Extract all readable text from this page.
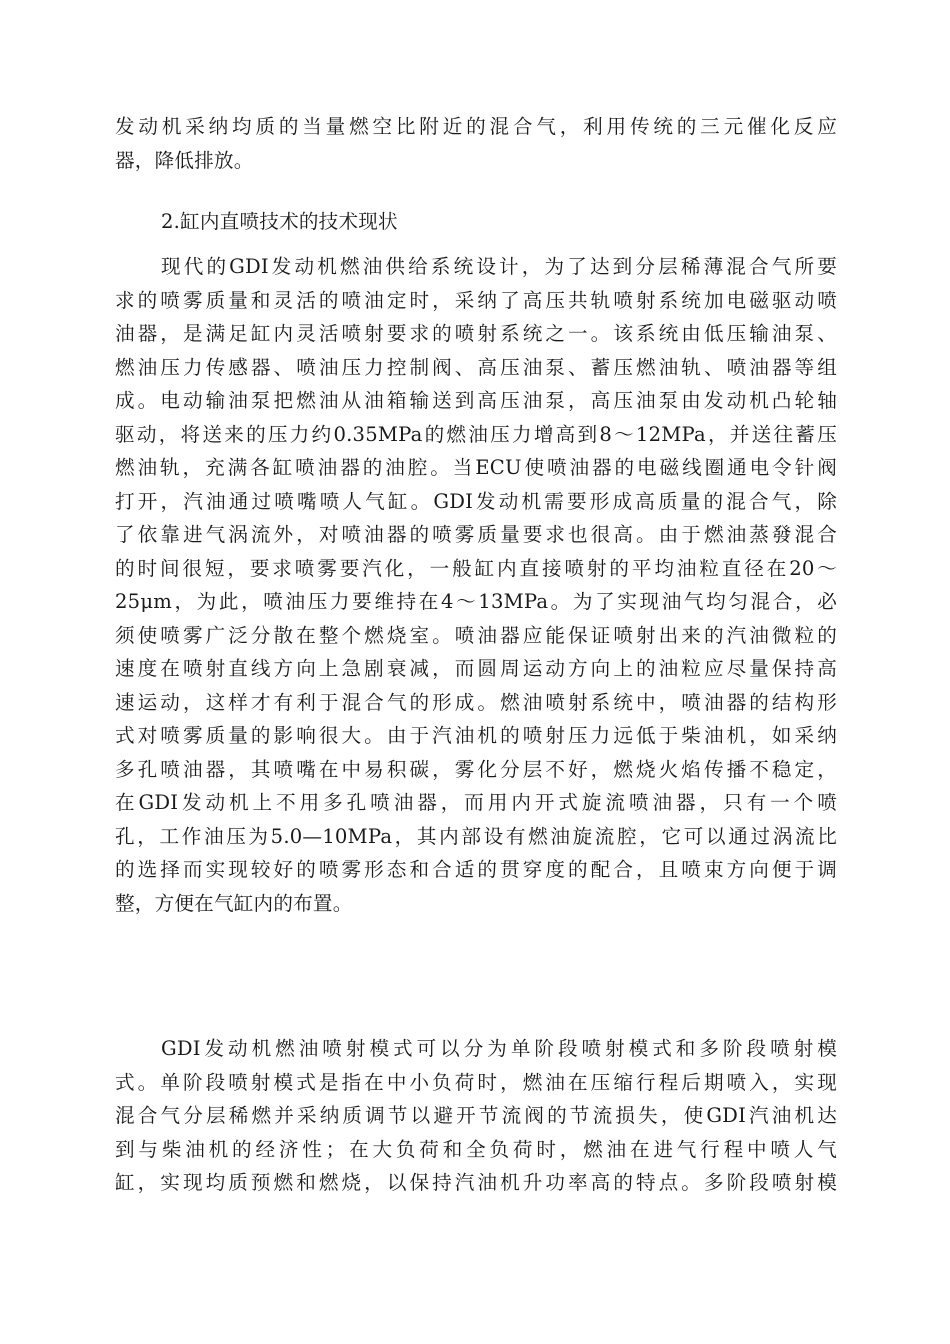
发动机采纳均质的当量燃空比附近的混合气，利用传统的三元催化反应
器，降低排放。
2.缸内直喷技术的技术现状
现代的GDI发动机燃油供给系统设计，为了达到分层稀薄混合气所要
求的喷雾质量和灵活的喷油定时，采纳了高压共轨喷射系统加电磁驱动喷
油器，是满足缸内灵活喷射要求的喷射系统之一。该系统由低压输油泵、
燃油压力传感器、喷油压力控制阀、高压油泵、蓄压燃油轨、喷油器等组
成。电动输油泵把燃油从油箱输送到高压油泵，高压油泵由发动机凸轮轴
驱动，将送来的压力约0.35MPa的燃油压力增高到8～12MPa，并送往蓄压
燃油轨，充满各缸喷油器的油腔。当ECU使喷油器的电磁线圈通电令针阀
打开，汽油通过喷嘴喷人气缸。GDI发动机需要形成高质量的混合气，除
了依靠进气涡流外，对喷油器的喷雾质量要求也很高。由于燃油蒸發混合
的时间很短，要求喷雾要汽化，一般缸内直接喷射的平均油粒直径在20～
25μm，为此，喷油压力要维持在4～13MPa。为了实现油气均匀混合，必
须使喷雾广泛分散在整个燃烧室。喷油器应能保证喷射出来的汽油微粒的
速度在喷射直线方向上急剧衰减，而圆周运动方向上的油粒应尽量保持高
速运动，这样才有利于混合气的形成。燃油喷射系统中，喷油器的结构形
式对喷雾质量的影响很大。由于汽油机的喷射压力远低于柴油机，如采纳
多孔喷油器，其喷嘴在中易积碳，雾化分层不好，燃烧火焰传播不稳定，
在GDI发动机上不用多孔喷油器，而用内开式旋流喷油器，只有一个喷
孔，工作油压为5.0—10MPa，其内部设有燃油旋流腔，它可以通过涡流比
的选择而实现较好的喷雾形态和合适的贯穿度的配合，且喷束方向便于调
整，方便在气缸内的布置。
GDI发动机燃油喷射模式可以分为单阶段喷射模式和多阶段喷射模
式。单阶段喷射模式是指在中小负荷时，燃油在压缩行程后期喷入，实现
混合气分层稀燃并采纳质调节以避开节流阀的节流损失，使GDI汽油机达
到与柴油机的经济性；在大负荷和全负荷时，燃油在进气行程中喷人气
缸，实现均质预燃和燃烧，以保持汽油机升功率高的特点。多阶段喷射模
